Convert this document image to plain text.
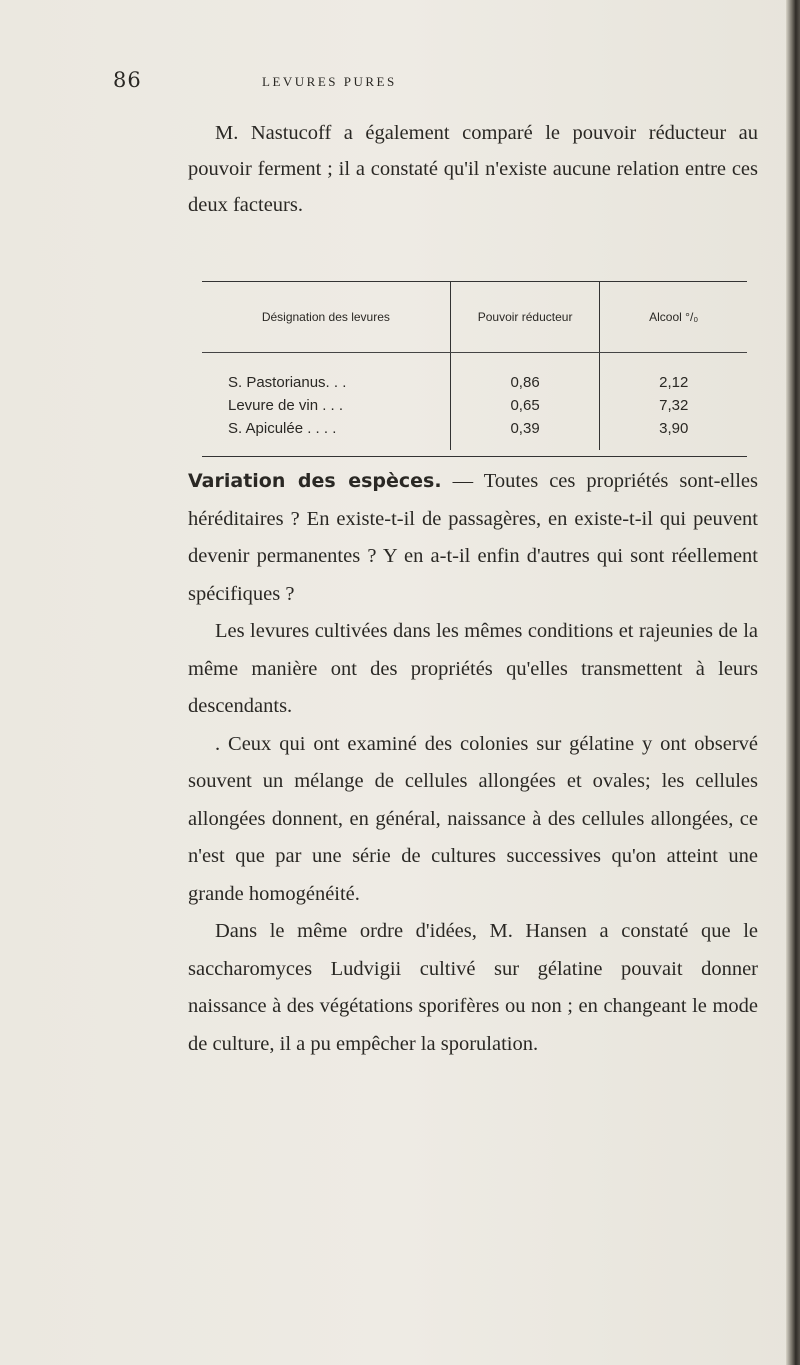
86	LEVURES PURES

M. Nastucoff a également comparé le pouvoir réducteur au pouvoir ferment ; il a constaté qu'il n'existe aucune relation entre ces deux facteurs.

Désignation des levures	Pouvoir réducteur	Alcool °/₀
S. Pastorianus. . .	0,86	2,12
Levure de vin . . .	0,65	7,32
S. Apiculée . . . .	0,39	3,90

Variation des espèces. — Toutes ces propriétés sont-elles héréditaires ? En existe-t-il de passagères, en existe-t-il qui peuvent devenir permanentes ? Y en a-t-il enfin d'autres qui sont réellement spécifiques ?

Les levures cultivées dans les mêmes conditions et rajeunies de la même manière ont des propriétés qu'elles transmettent à leurs descendants.

. Ceux qui ont examiné des colonies sur gélatine y ont observé souvent un mélange de cellules allongées et ovales; les cellules allongées donnent, en général, naissance à des cellules allongées, ce n'est que par une série de cultures successives qu'on atteint une grande homogénéité.

Dans le même ordre d'idées, M. Hansen a constaté que le saccharomyces Ludvigii cultivé sur gélatine pouvait donner naissance à des végétations sporifères ou non ; en changeant le mode de culture, il a pu empêcher la sporulation.
